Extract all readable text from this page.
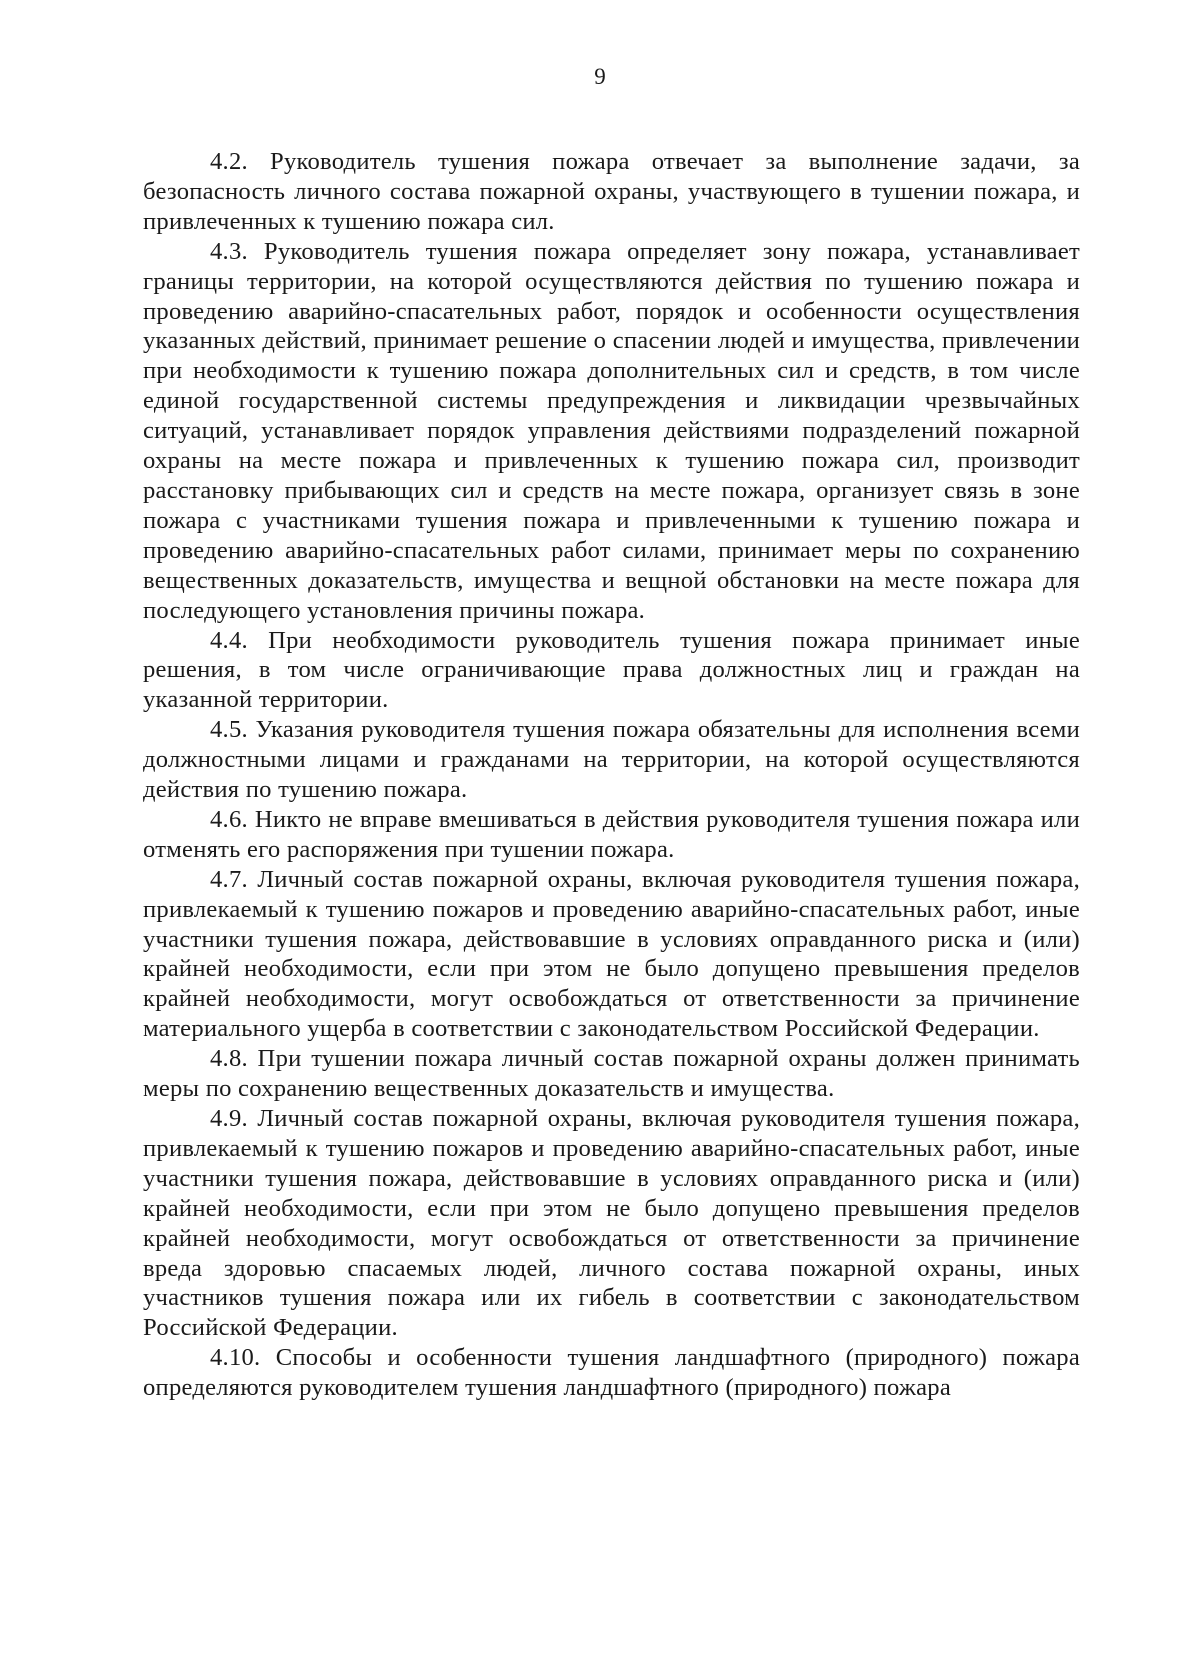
9

4.2. Руководитель тушения пожара отвечает за выполнение задачи, за безопасность личного состава пожарной охраны, участвующего в тушении пожара, и привлеченных к тушению пожара сил.

4.3. Руководитель тушения пожара определяет зону пожара, устанавливает границы территории, на которой осуществляются действия по тушению пожара и проведению аварийно-спасательных работ, порядок и особенности осуществления указанных действий, принимает решение о спасении людей и имущества, привлечении при необходимости к тушению пожара дополнительных сил и средств, в том числе единой государственной системы предупреждения и ликвидации чрезвычайных ситуаций, устанавливает порядок управления действиями подразделений пожарной охраны на месте пожара и привлеченных к тушению пожара сил, производит расстановку прибывающих сил и средств на месте пожара, организует связь в зоне пожара с участниками тушения пожара и привлеченными к тушению пожара и проведению аварийно-спасательных работ силами, принимает меры по сохранению вещественных доказательств, имущества и вещной обстановки на месте пожара для последующего установления причины пожара.

4.4. При необходимости руководитель тушения пожара принимает иные решения, в том числе ограничивающие права должностных лиц и граждан на указанной территории.

4.5. Указания руководителя тушения пожара обязательны для исполнения всеми должностными лицами и гражданами на территории, на которой осуществляются действия по тушению пожара.

4.6. Никто не вправе вмешиваться в действия руководителя тушения пожара или отменять его распоряжения при тушении пожара.

4.7. Личный состав пожарной охраны, включая руководителя тушения пожара, привлекаемый к тушению пожаров и проведению аварийно-спасательных работ, иные участники тушения пожара, действовавшие в условиях оправданного риска и (или) крайней необходимости, если при этом не было допущено превышения пределов крайней необходимости, могут освобождаться от ответственности за причинение материального ущерба в соответствии с законодательством Российской Федерации.

4.8. При тушении пожара личный состав пожарной охраны должен принимать меры по сохранению вещественных доказательств и имущества.

4.9. Личный состав пожарной охраны, включая руководителя тушения пожара, привлекаемый к тушению пожаров и проведению аварийно-спасательных работ, иные участники тушения пожара, действовавшие в условиях оправданного риска и (или) крайней необходимости, если при этом не было допущено превышения пределов крайней необходимости, могут освобождаться от ответственности за причинение вреда здоровью спасаемых людей, личного состава пожарной охраны, иных участников тушения пожара или их гибель в соответствии с законодательством Российской Федерации.

4.10. Способы и особенности тушения ландшафтного (природного) пожара определяются руководителем тушения ландшафтного (природного) пожара
